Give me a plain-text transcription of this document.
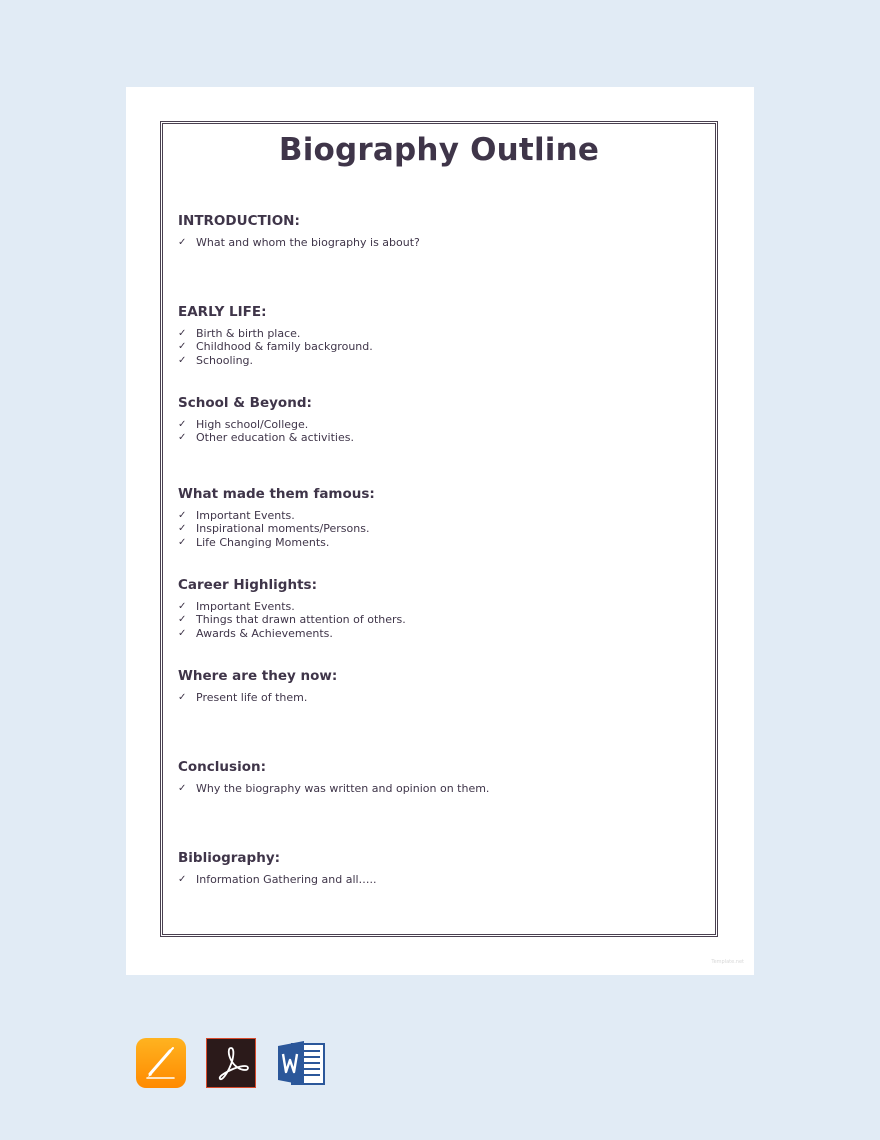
Biography Outline
INTRODUCTION:
✓ What and whom the biography is about?
EARLY LIFE:
✓ Birth & birth place.
✓ Childhood & family background.
✓ Schooling.
School & Beyond:
✓ High school/College.
✓ Other education & activities.
What made them famous:
✓ Important Events.
✓ Inspirational moments/Persons.
✓ Life Changing Moments.
Career Highlights:
✓ Important Events.
✓ Things that drawn attention of others.
✓ Awards & Achievements.
Where are they now:
✓ Present life of them.
Conclusion:
✓ Why the biography was written and opinion on them.
Bibliography:
✓ Information Gathering and all…..
Template.net
